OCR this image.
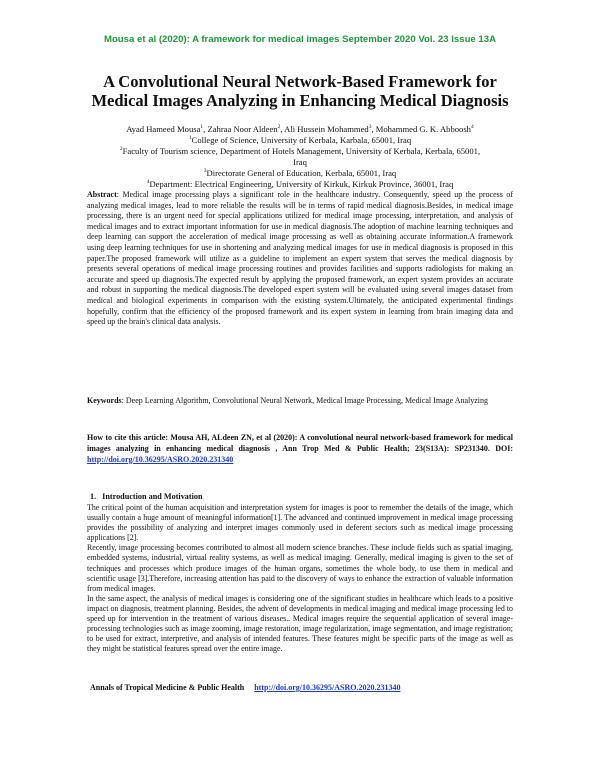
Mousa et al (2020): A framework for medical images September 2020 Vol. 23 Issue 13A
A Convolutional Neural Network-Based Framework for
Medical Images Analyzing in Enhancing Medical Diagnosis

Ayad Hameed Mousa$^1$, Zahraa Noor Aldeen$^2$, Ali Hussein Mohammed$^3$, Mohammed G. K. Abboosh$^4$

$^1$College of Science, University of Kerbala, Karbala, 65001, Iraq

$^2$Faculty of Tourism science, Department of Hotels Management, University of Kerbala, Kerbala, 65001,

Iraq

$^3$Directorate General of Education, Kerbala, 65001, Iraq

$^4$Department: Electrical Engineering, University of Kirkuk, Kirkuk Province, 36001, Iraq

Abstract: Medical image processing plays a significant role in the healthcare industry. Consequently, speed up the process of analyzing medical images, lead to more reliable the results will be in terms of rapid medical diagnosis.Besides, in medical image processing, there is an urgent need for special applications utilized for medical image processing, interpretation, and analysis of medical images and to extract important information for use in medical diagnosis.The adoption of machine learning techniques and deep learning can support the acceleration of medical image processing as well as obtaining accurate information.A framework using deep learning techniques for use in shortening and analyzing medical images for use in medical diagnosis is proposed in this paper.The proposed framework will utilize as a guideline to implement an expert system that serves the medical diagnosis by presents several operations of medical image processing routines and provides facilities and supports radiologists for making an accurate and speed up diagnosis.The expected result by applying the proposed framework, an expert system provides an accurate and robust in supporting the medical diagnosis.The developed expert system will be evaluated using several images dataset from medical and biological experiments in comparison with the existing system.Ultimately, the anticipated experimental findings hopefully, confirm that the efficiency of the proposed framework and its expert system in learning from brain imaging data and speed up the brain's clinical data analysis.

Keywords: Deep Learning Algorithm, Convolutional Neural Network, Medical Image Processing, Medical Image Analyzing

How to cite this article: Mousa AH, ALdeen ZN, et al (2020): A convolutional neural network-based framework for medical images analyzing in enhancing medical diagnosis , Ann Trop Med & Public Health; 23(S13A): SP231340. DOI: http://doi.org/10.36295/ASRO.2020.231340

1. Introduction and Motivation

The critical point of the human acquisition and interpretation system for images is poor to remember the details of the image, which usually contain a huge amount of meaningful information[1]. The advanced and continued improvement in medical image processing provides the possibility of analyzing and interpret images commonly used in deferent sectors such as medical image processing applications [2].

Recently, image processing becomes contributed to almost all modern science branches. These include fields such as spatial imaging, embedded systems, industrial, virtual reality systems, as well as medical imaging. Generally, medical imaging is given to the set of techniques and processes which produce images of the human organs, sometimes the whole body, to use them in medical and scientific usage [3].Therefore, increasing attention has paid to the discovery of ways to enhance the extraction of valuable information from medical images.

In the same aspect, the analysis of medical images is considering one of the significant studies in healthcare which leads to a positive impact on diagnosis, treatment planning. Besides, the advent of developments in medical imaging and medical image processing led to speed up for intervention in the treatment of various diseases.. Medical images require the sequential application of several image-processing technologies such as image zooming, image restoration, image regularization, image segmentation, and image registration; to be used for extract, interpretive, and analysis of intended features. These features might be specific parts of the image as well as they might be statistical features spread over the entire image.

Annals of Tropical Medicine & Public Health http://doi.org/10.36295/ASRO.2020.231340
